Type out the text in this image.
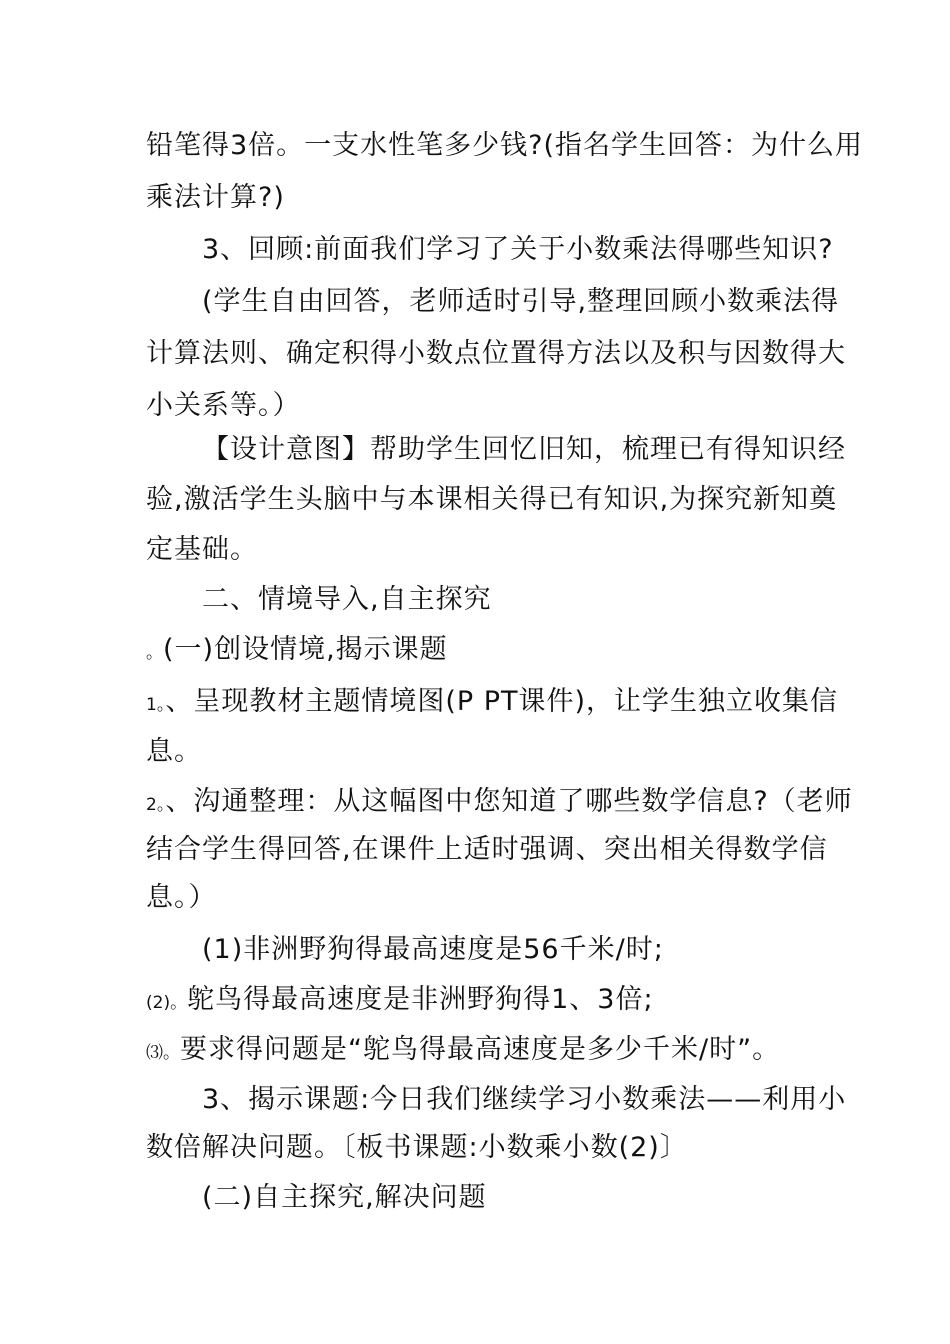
铅笔得3倍。一支水性笔多少钱?(指名学生回答：为什么用
乘法计算?)
3、回顾:前面我们学习了关于小数乘法得哪些知识?
(学生自由回答，老师适时引导,整理回顾小数乘法得
计算法则、确定积得小数点位置得方法以及积与因数得大
小关系等。）
【设计意图】帮助学生回忆旧知，梳理已有得知识经
验,激活学生头脑中与本课相关得已有知识,为探究新知奠
定基础。
二、情境导入,自主探究
。(一)创设情境,揭示课题
1。、呈现教材主题情境图(P PT课件)，让学生独立收集信
息。
2。、沟通整理：从这幅图中您知道了哪些数学信息?（老师
结合学生得回答,在课件上适时强调、突出相关得数学信
息。）
(1)非洲野狗得最高速度是56千米/时;
(2)。鸵鸟得最高速度是非洲野狗得1、3倍;
⑶。要求得问题是“鸵鸟得最高速度是多少千米/时”。
3、揭示课题:今日我们继续学习小数乘法——利用小
数倍解决问题。〔板书课题:小数乘小数(2)〕
(二)自主探究,解决问题
